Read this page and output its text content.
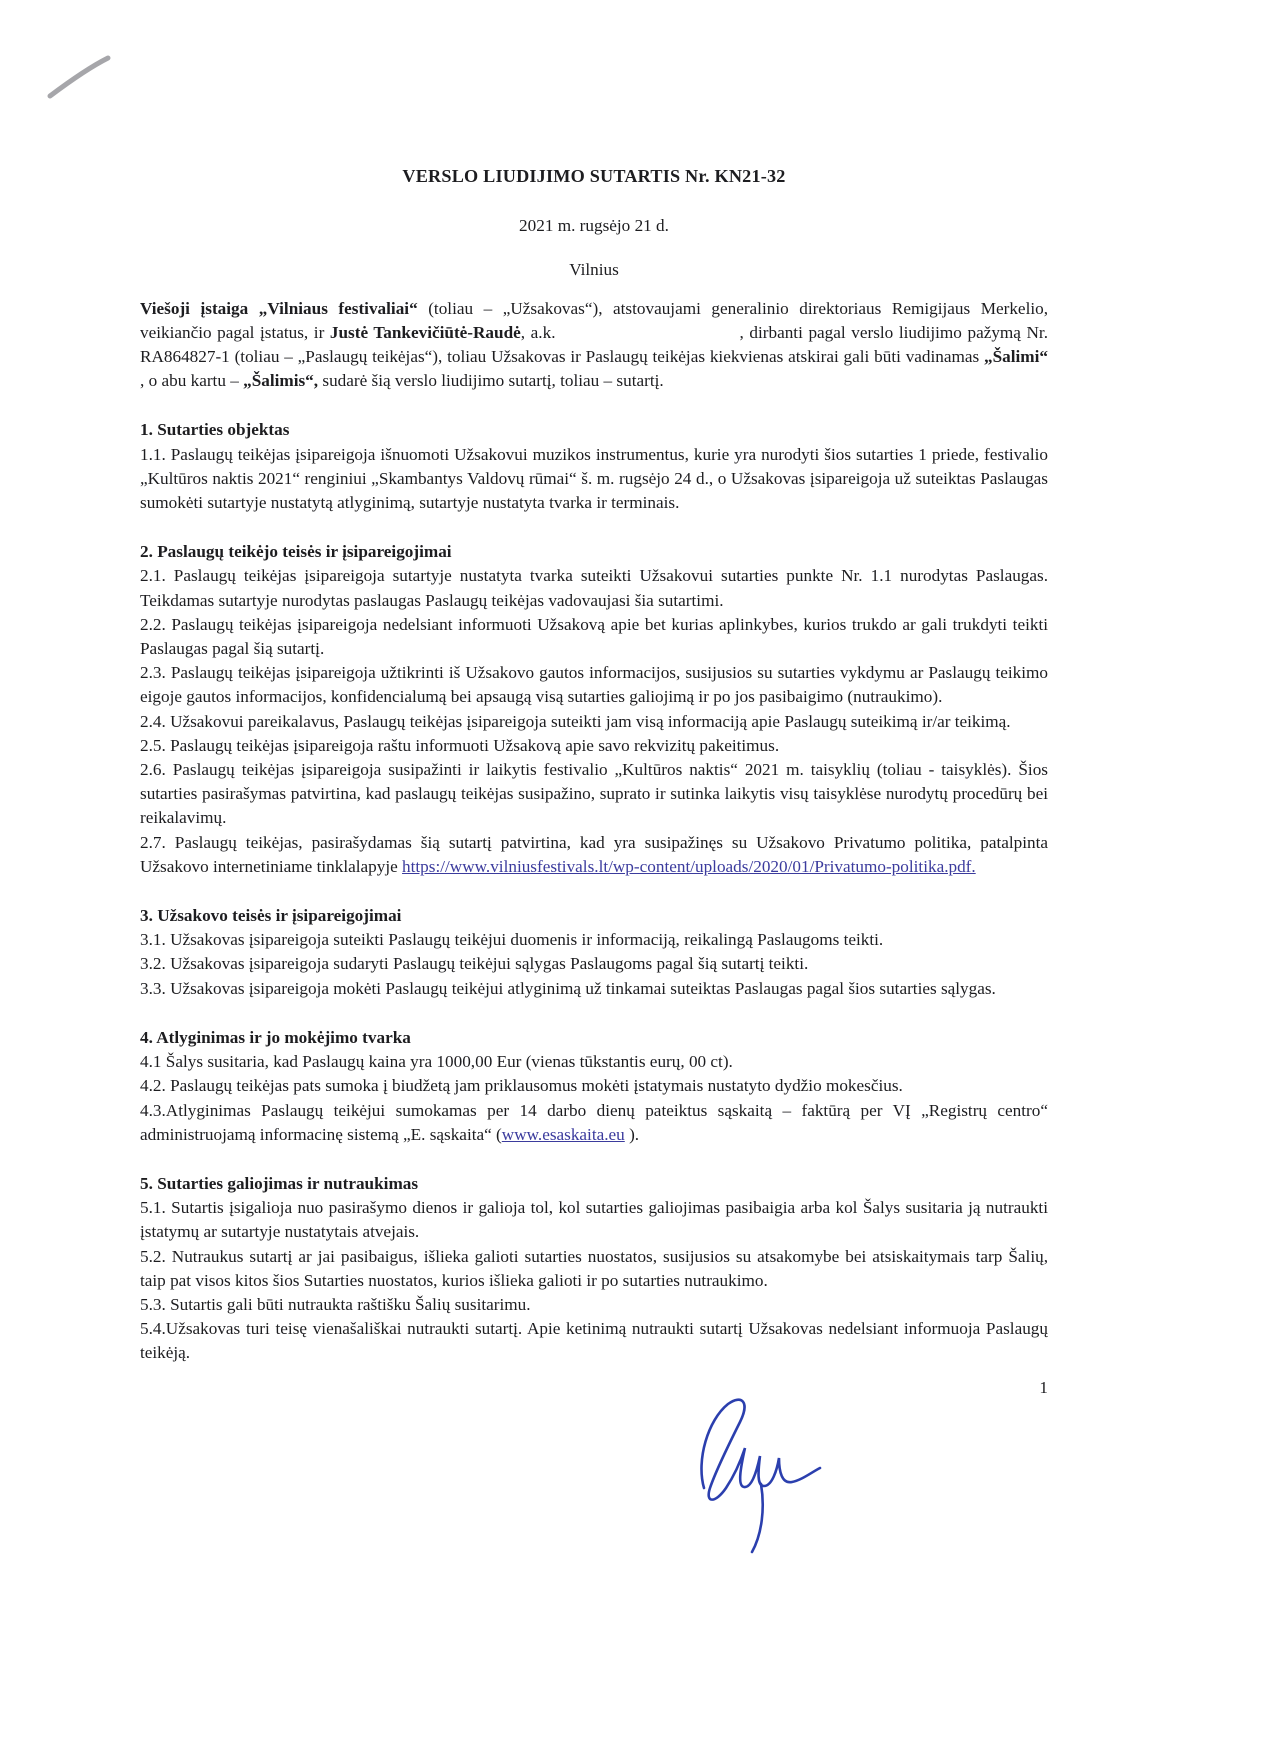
VERSLO LIUDIJIMO SUTARTIS Nr. KN21-32
2021 m. rugsėjo 21 d.
Vilnius

Viešoji įstaiga „Vilniaus festivaliai“ (toliau – „Užsakovas“), atstovaujami generalinio direktoriaus Remigijaus Merkelio, veikiančio pagal įstatus, ir Justė Tankevičiūtė-Raudė, a.k.	, dirbanti pagal verslo liudijimo pažymą Nr. RA864827-1 (toliau – „Paslaugų teikėjas“), toliau Užsakovas ir Paslaugų teikėjas kiekvienas atskirai gali būti vadinamas „Šalimi“ , o abu kartu – „Šalimis“, sudarė šią verslo liudijimo sutartį, toliau – sutartį.

1. Sutarties objektas

1.1. Paslaugų teikėjas įsipareigoja išnuomoti Užsakovui muzikos instrumentus, kurie yra nurodyti šios sutarties 1 priede, festivalio „Kultūros naktis 2021“ renginiui „Skambantys Valdovų rūmai“ š. m. rugsėjo 24 d., o Užsakovas įsipareigoja už suteiktas Paslaugas sumokėti sutartyje nustatytą atlyginimą, sutartyje nustatyta tvarka ir terminais.

2. Paslaugų teikėjo teisės ir įsipareigojimai

2.1. Paslaugų teikėjas įsipareigoja sutartyje nustatyta tvarka suteikti Užsakovui sutarties punkte Nr. 1.1 nurodytas Paslaugas. Teikdamas sutartyje nurodytas paslaugas Paslaugų teikėjas vadovaujasi šia sutartimi.

2.2. Paslaugų teikėjas įsipareigoja nedelsiant informuoti Užsakovą apie bet kurias aplinkybes, kurios trukdo ar gali trukdyti teikti Paslaugas pagal šią sutartį.

2.3. Paslaugų teikėjas įsipareigoja užtikrinti iš Užsakovo gautos informacijos, susijusios su sutarties vykdymu ar Paslaugų teikimo eigoje gautos informacijos, konfidencialumą bei apsaugą visą sutarties galiojimą ir po jos pasibaigimo (nutraukimo).

2.4. Užsakovui pareikalavus, Paslaugų teikėjas įsipareigoja suteikti jam visą informaciją apie Paslaugų suteikimą ir/ar teikimą.

2.5. Paslaugų teikėjas įsipareigoja raštu informuoti Užsakovą apie savo rekvizitų pakeitimus.

2.6. Paslaugų teikėjas įsipareigoja susipažinti ir laikytis festivalio „Kultūros naktis“ 2021 m. taisyklių (toliau - taisyklės). Šios sutarties pasirašymas patvirtina, kad paslaugų teikėjas susipažino, suprato ir sutinka laikytis visų taisyklėse nurodytų procedūrų bei reikalavimų.

2.7. Paslaugų teikėjas, pasirašydamas šią sutartį patvirtina, kad yra susipažinęs su Užsakovo Privatumo politika, patalpinta Užsakovo internetiniame tinklalapyje https://www.vilniusfestivals.lt/wp-content/uploads/2020/01/Privatumo-politika.pdf.

3. Užsakovo teisės ir įsipareigojimai

3.1. Užsakovas įsipareigoja suteikti Paslaugų teikėjui duomenis ir informaciją, reikalingą Paslaugoms teikti.

3.2. Užsakovas įsipareigoja sudaryti Paslaugų teikėjui sąlygas Paslaugoms pagal šią sutartį teikti.

3.3. Užsakovas įsipareigoja mokėti Paslaugų teikėjui atlyginimą už tinkamai suteiktas Paslaugas pagal šios sutarties sąlygas.

4. Atlyginimas ir jo mokėjimo tvarka

4.1 Šalys susitaria, kad Paslaugų kaina yra 1000,00 Eur (vienas tūkstantis eurų, 00 ct).

4.2. Paslaugų teikėjas pats sumoka į biudžetą jam priklausomus mokėti įstatymais nustatyto dydžio mokesčius.

4.3.Atlyginimas Paslaugų teikėjui sumokamas per 14 darbo dienų pateiktus sąskaitą – faktūrą per VĮ „Registrų centro“ administruojamą informacinę sistemą „E. sąskaita“ (www.esaskaita.eu ).

5. Sutarties galiojimas ir nutraukimas

5.1. Sutartis įsigalioja nuo pasirašymo dienos ir galioja tol, kol sutarties galiojimas pasibaigia arba kol Šalys susitaria ją nutraukti įstatymų ar sutartyje nustatytais atvejais.

5.2. Nutraukus sutartį ar jai pasibaigus, išlieka galioti sutarties nuostatos, susijusios su atsakomybe bei atsiskaitymais tarp Šalių, taip pat visos kitos šios Sutarties nuostatos, kurios išlieka galioti ir po sutarties nutraukimo.

5.3. Sutartis gali būti nutraukta raštišku Šalių susitarimu.

5.4.Užsakovas turi teisę vienašališkai nutraukti sutartį. Apie ketinimą nutraukti sutartį Užsakovas nedelsiant informuoja Paslaugų teikėją.

1
